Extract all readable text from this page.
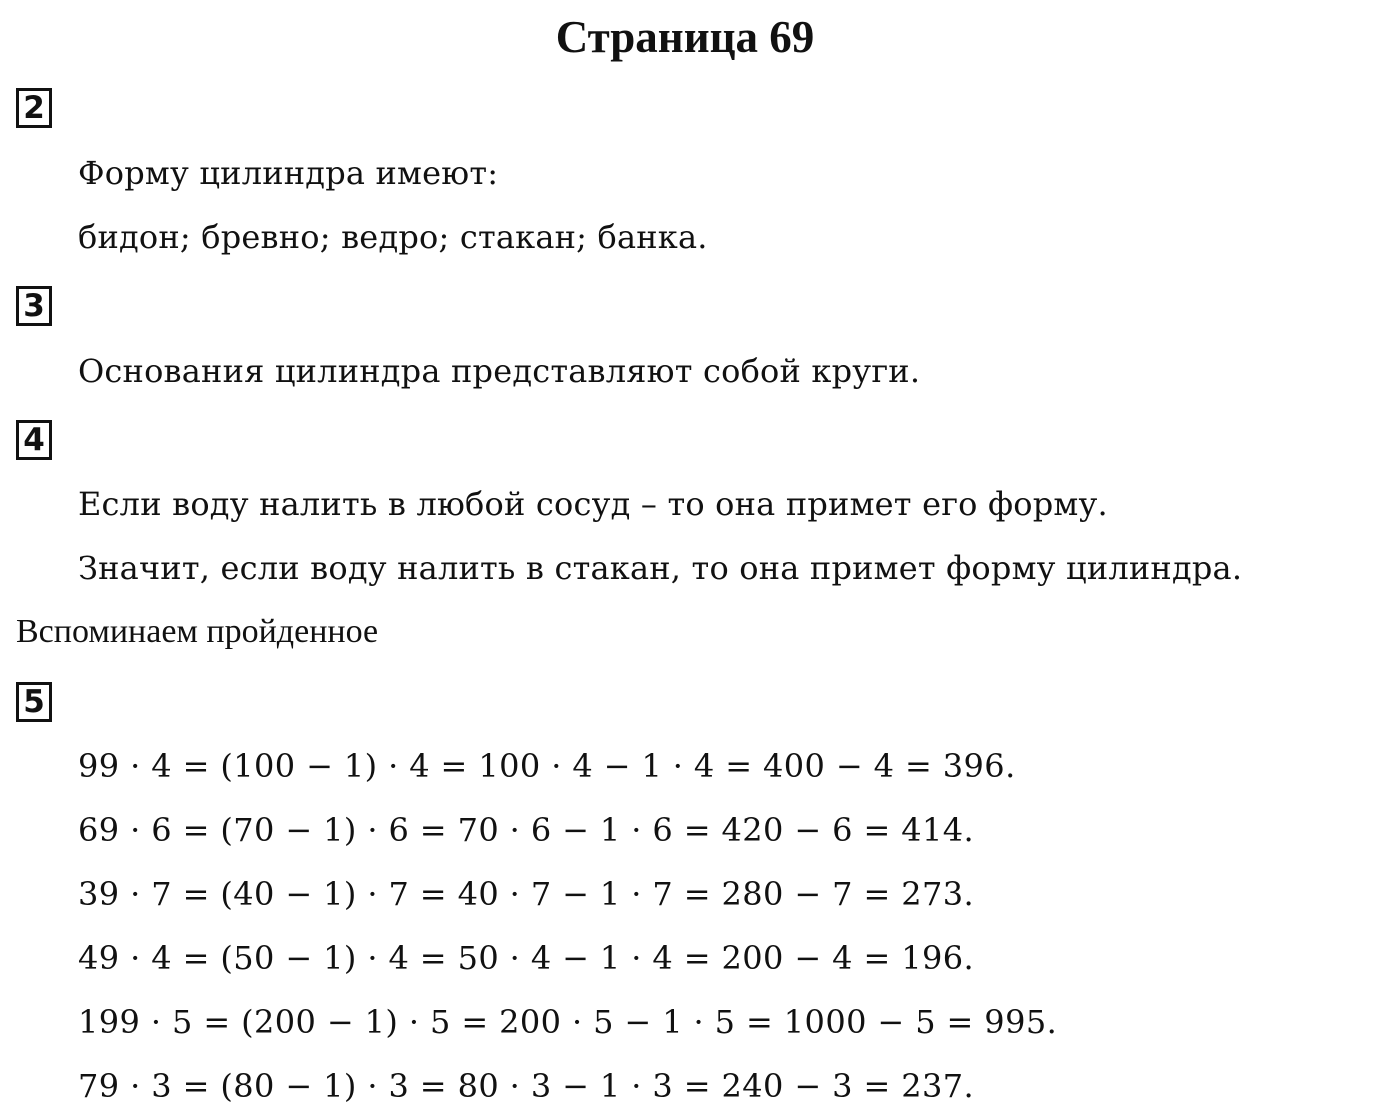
Страница 69
2
Форму цилиндра имеют:
бидон; бревно; ведро; стакан; банка.
3
Основания цилиндра представляют собой круги.
4
Если воду налить в любой сосуд – то она примет его форму.
Значит, если воду налить в стакан, то она примет форму цилиндра.
Вспоминаем пройденное
5
99 · 4 = (100 − 1) · 4 = 100 · 4 − 1 · 4 = 400 − 4 = 396.
69 · 6 = (70 − 1) · 6 = 70 · 6 − 1 · 6 = 420 − 6 = 414.
39 · 7 = (40 − 1) · 7 = 40 · 7 − 1 · 7 = 280 − 7 = 273.
49 · 4 = (50 − 1) · 4 = 50 · 4 − 1 · 4 = 200 − 4 = 196.
199 · 5 = (200 − 1) · 5 = 200 · 5 − 1 · 5 = 1000 − 5 = 995.
79 · 3 = (80 − 1) · 3 = 80 · 3 − 1 · 3 = 240 − 3 = 237.
